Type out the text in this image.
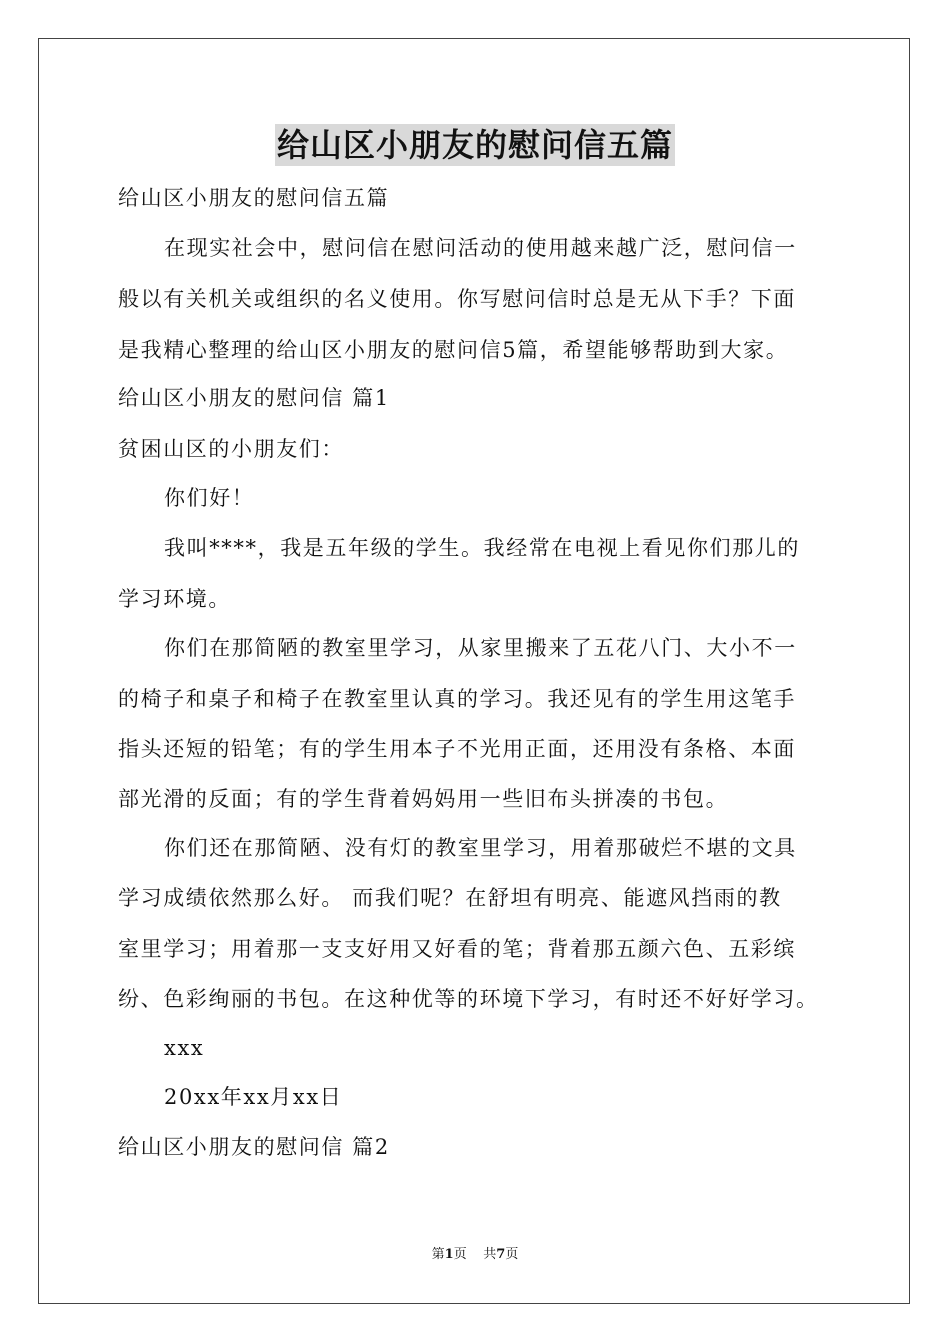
给山区小朋友的慰问信五篇
给山区小朋友的慰问信五篇
在现实社会中，慰问信在慰问活动的使用越来越广泛，慰问信一
般以有关机关或组织的名义使用。你写慰问信时总是无从下手？下面
是我精心整理的给山区小朋友的慰问信5篇，希望能够帮助到大家。
给山区小朋友的慰问信 篇1
贫困山区的小朋友们：
你们好！
我叫****，我是五年级的学生。我经常在电视上看见你们那儿的
学习环境。
你们在那简陋的教室里学习，从家里搬来了五花八门、大小不一
的椅子和桌子和椅子在教室里认真的学习。我还见有的学生用这笔手
指头还短的铅笔；有的学生用本子不光用正面，还用没有条格、本面
部光滑的反面；有的学生背着妈妈用一些旧布头拼凑的书包。
你们还在那简陋、没有灯的教室里学习，用着那破烂不堪的文具
学习成绩依然那么好。 而我们呢？在舒坦有明亮、能遮风挡雨的教
室里学习；用着那一支支好用又好看的笔；背着那五颜六色、五彩缤
纷、色彩绚丽的书包。在这种优等的环境下学习，有时还不好好学习。
xxx
20xx年xx月xx日
给山区小朋友的慰问信 篇2
第1页 共7页
